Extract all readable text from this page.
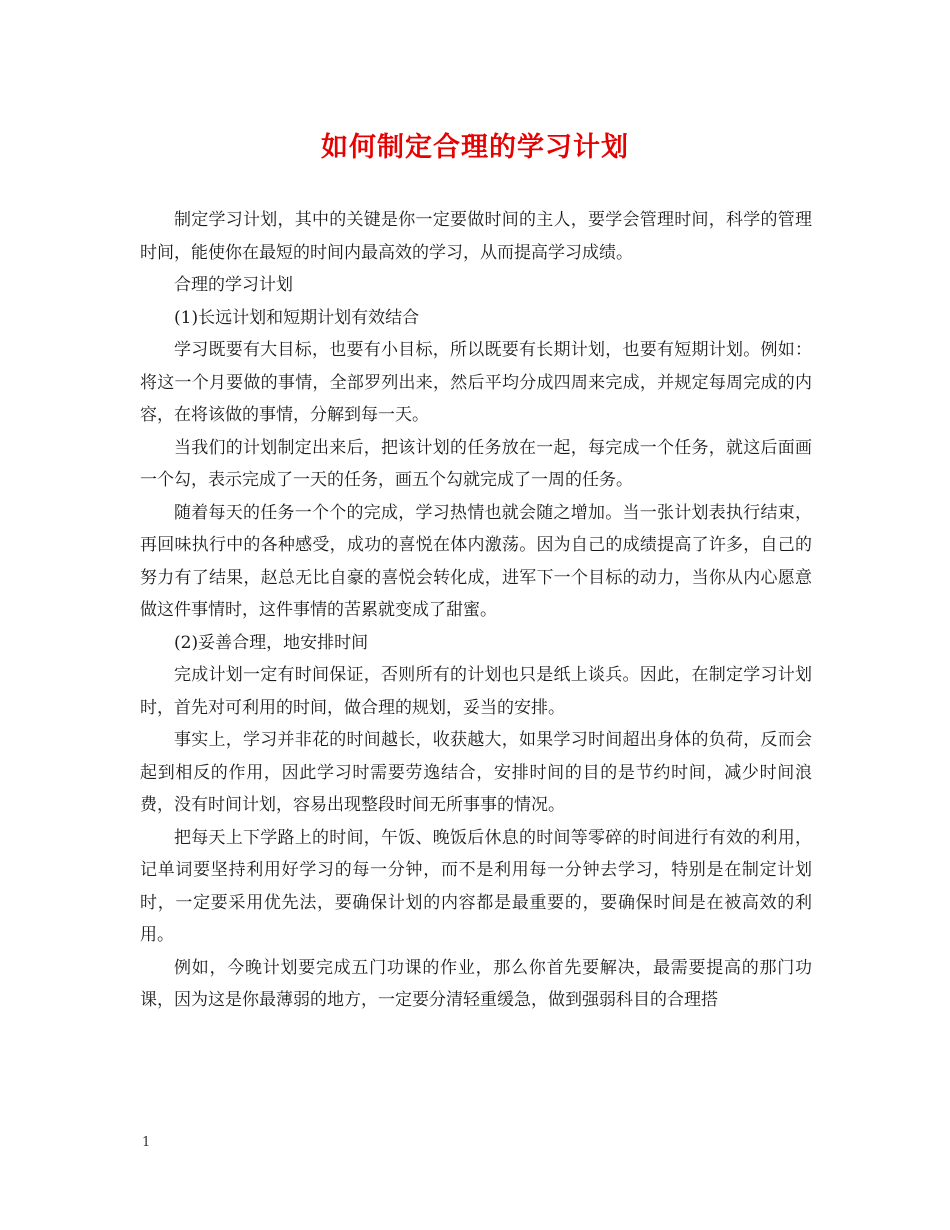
如何制定合理的学习计划

制定学习计划，其中的关键是你一定要做时间的主人，要学会管理时间，科学的管理时间，能使你在最短的时间内最高效的学习，从而提高学习成绩。

合理的学习计划

(1)长远计划和短期计划有效结合

学习既要有大目标，也要有小目标，所以既要有长期计划，也要有短期计划。例如：将这一个月要做的事情，全部罗列出来，然后平均分成四周来完成，并规定每周完成的内容，在将该做的事情，分解到每一天。

当我们的计划制定出来后，把该计划的任务放在一起，每完成一个任务，就这后面画一个勾，表示完成了一天的任务，画五个勾就完成了一周的任务。

随着每天的任务一个个的完成，学习热情也就会随之增加。当一张计划表执行结束，再回味执行中的各种感受，成功的喜悦在体内激荡。因为自己的成绩提高了许多，自己的努力有了结果，赵总无比自豪的喜悦会转化成，进军下一个目标的动力，当你从内心愿意做这件事情时，这件事情的苦累就变成了甜蜜。

(2)妥善合理，地安排时间

完成计划一定有时间保证，否则所有的计划也只是纸上谈兵。因此，在制定学习计划时，首先对可利用的时间，做合理的规划，妥当的安排。

事实上，学习并非花的时间越长，收获越大，如果学习时间超出身体的负荷，反而会起到相反的作用，因此学习时需要劳逸结合，安排时间的目的是节约时间，减少时间浪费，没有时间计划，容易出现整段时间无所事事的情况。

把每天上下学路上的时间，午饭、晚饭后休息的时间等零碎的时间进行有效的利用，记单词要坚持利用好学习的每一分钟，而不是利用每一分钟去学习，特别是在制定计划时，一定要采用优先法，要确保计划的内容都是最重要的，要确保时间是在被高效的利用。

例如，今晚计划要完成五门功课的作业，那么你首先要解决，最需要提高的那门功课，因为这是你最薄弱的地方，一定要分清轻重缓急，做到强弱科目的合理搭

1
